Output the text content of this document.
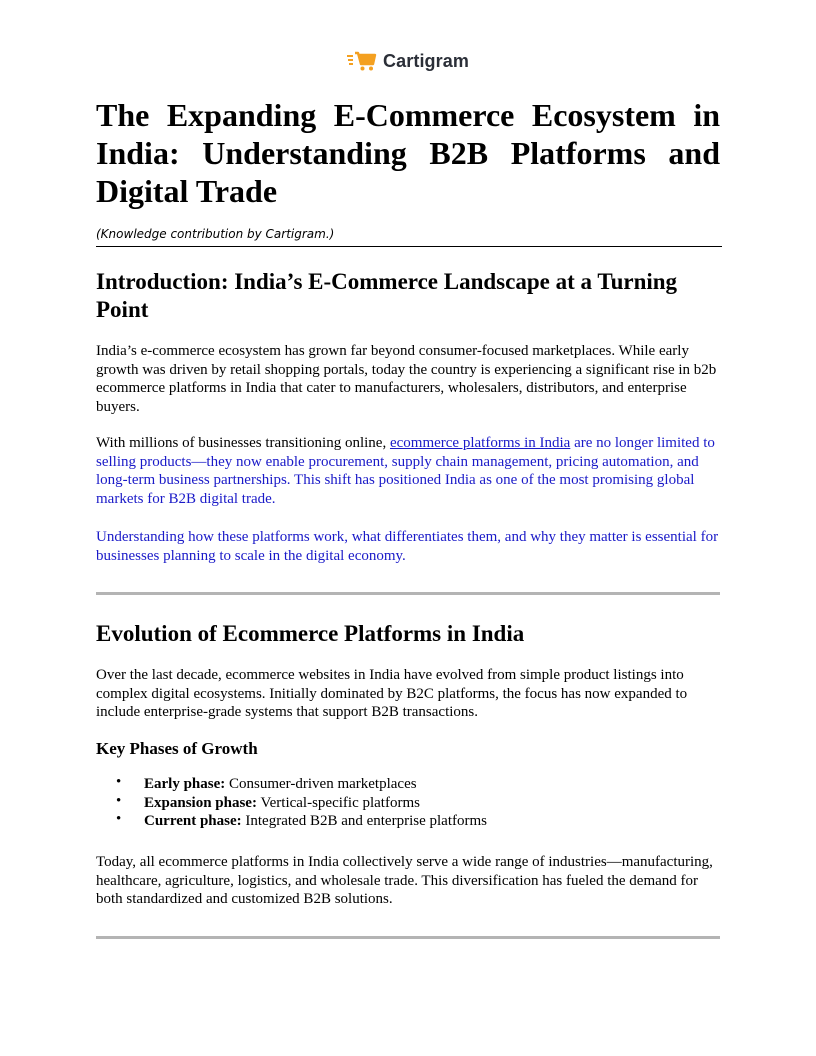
Cartigram
The Expanding E-Commerce Ecosystem in India: Understanding B2B Platforms and Digital Trade

(Knowledge contribution by Cartigram.)

Introduction: India’s E-Commerce Landscape at a Turning Point

India’s e-commerce ecosystem has grown far beyond consumer-focused marketplaces. While early growth was driven by retail shopping portals, today the country is experiencing a significant rise in b2b ecommerce platforms in India that cater to manufacturers, wholesalers, distributors, and enterprise buyers.

With millions of businesses transitioning online, ecommerce platforms in India are no longer limited to selling products—they now enable procurement, supply chain management, pricing automation, and long-term business partnerships. This shift has positioned India as one of the most promising global markets for B2B digital trade.

Understanding how these platforms work, what differentiates them, and why they matter is essential for businesses planning to scale in the digital economy.

Evolution of Ecommerce Platforms in India

Over the last decade, ecommerce websites in India have evolved from simple product listings into complex digital ecosystems. Initially dominated by B2C platforms, the focus has now expanded to include enterprise-grade systems that support B2B transactions.

Key Phases of Growth
• Early phase: Consumer-driven marketplaces
• Expansion phase: Vertical-specific platforms
• Current phase: Integrated B2B and enterprise platforms

Today, all ecommerce platforms in India collectively serve a wide range of industries—manufacturing, healthcare, agriculture, logistics, and wholesale trade. This diversification has fueled the demand for both standardized and customized B2B solutions.
